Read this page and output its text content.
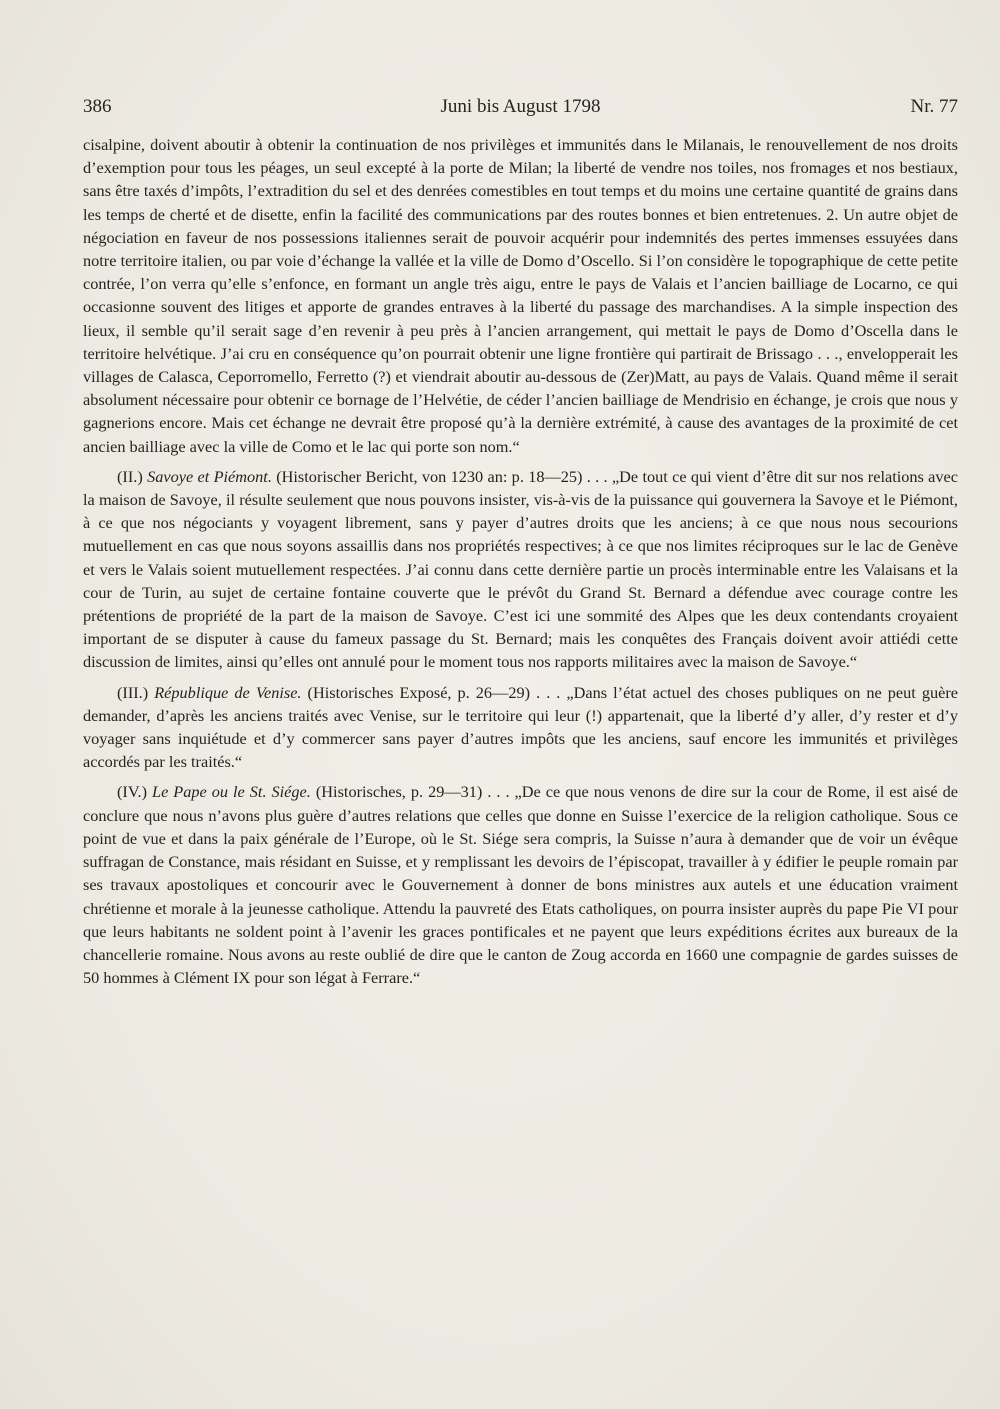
386	Juni bis August 1798	Nr. 77

cisalpine, doivent aboutir à obtenir la continuation de nos privilèges et immunités dans le Milanais, le renouvellement de nos droits d’exemption pour tous les péages, un seul excepté à la porte de Milan; la liberté de vendre nos toiles, nos fromages et nos bestiaux, sans être taxés d’impôts, l’extradition du sel et des denrées comestibles en tout temps et du moins une certaine quantité de grains dans les temps de cherté et de disette, enfin la facilité des communications par des routes bonnes et bien entretenues. 2. Un autre objet de négociation en faveur de nos possessions italiennes serait de pouvoir acquérir pour indemnités des pertes immenses essuyées dans notre territoire italien, ou par voie d’échange la vallée et la ville de Domo d’Oscello. Si l’on considère le topographique de cette petite contrée, l’on verra qu’elle s’enfonce, en formant un angle très aigu, entre le pays de Valais et l’ancien bailliage de Locarno, ce qui occasionne souvent des litiges et apporte de grandes entraves à la liberté du passage des marchandises. A la simple inspection des lieux, il semble qu’il serait sage d’en revenir à peu près à l’ancien arrangement, qui mettait le pays de Domo d’Oscella dans le territoire helvétique. J’ai cru en conséquence qu’on pourrait obtenir une ligne frontière qui partirait de Brissago . . ., envelopperait les villages de Calasca, Ceporromello, Ferretto (?) et viendrait aboutir au-dessous de (Zer)Matt, au pays de Valais. Quand même il serait absolument nécessaire pour obtenir ce bornage de l’Helvétie, de céder l’ancien bailliage de Mendrisio en échange, je crois que nous y gagnerions encore. Mais cet échange ne devrait être proposé qu’à la dernière extrémité, à cause des avantages de la proximité de cet ancien bailliage avec la ville de Como et le lac qui porte son nom.“

(II.) Savoye et Piémont. (Historischer Bericht, von 1230 an: p. 18—25) . . . „De tout ce qui vient d’être dit sur nos relations avec la maison de Savoye, il résulte seulement que nous pouvons insister, vis-à-vis de la puissance qui gouvernera la Savoye et le Piémont, à ce que nos négociants y voyagent librement, sans y payer d’autres droits que les anciens; à ce que nous nous secourions mutuellement en cas que nous soyons assaillis dans nos propriétés respectives; à ce que nos limites réciproques sur le lac de Genève et vers le Valais soient mutuellement respectées. J’ai connu dans cette dernière partie un procès interminable entre les Valaisans et la cour de Turin, au sujet de certaine fontaine couverte que le prévôt du Grand St. Bernard a défendue avec courage contre les prétentions de propriété de la part de la maison de Savoye. C’est ici une sommité des Alpes que les deux contendants croyaient important de se disputer à cause du fameux passage du St. Bernard; mais les conquêtes des Français doivent avoir attiédi cette discussion de limites, ainsi qu’elles ont annulé pour le moment tous nos rapports militaires avec la maison de Savoye.“

(III.) République de Venise. (Historisches Exposé, p. 26—29) . . . „Dans l’état actuel des choses publiques on ne peut guère demander, d’après les anciens traités avec Venise, sur le territoire qui leur (!) appartenait, que la liberté d’y aller, d’y rester et d’y voyager sans inquiétude et d’y commercer sans payer d’autres impôts que les anciens, sauf encore les immunités et privilèges accordés par les traités.“

(IV.) Le Pape ou le St. Siége. (Historisches, p. 29—31) . . . „De ce que nous venons de dire sur la cour de Rome, il est aisé de conclure que nous n’avons plus guère d’autres relations que celles que donne en Suisse l’exercice de la religion catholique. Sous ce point de vue et dans la paix générale de l’Europe, où le St. Siége sera compris, la Suisse n’aura à demander que de voir un évêque suffragan de Constance, mais résidant en Suisse, et y remplissant les devoirs de l’épiscopat, travailler à y édifier le peuple romain par ses travaux apostoliques et concourir avec le Gouvernement à donner de bons ministres aux autels et une éducation vraiment chrétienne et morale à la jeunesse catholique. Attendu la pauvreté des Etats catholiques, on pourra insister auprès du pape Pie VI pour que leurs habitants ne soldent point à l’avenir les graces pontificales et ne payent que leurs expéditions écrites aux bureaux de la chancellerie romaine. Nous avons au reste oublié de dire que le canton de Zoug accorda en 1660 une compagnie de gardes suisses de 50 hommes à Clément IX pour son légat à Ferrare.“
